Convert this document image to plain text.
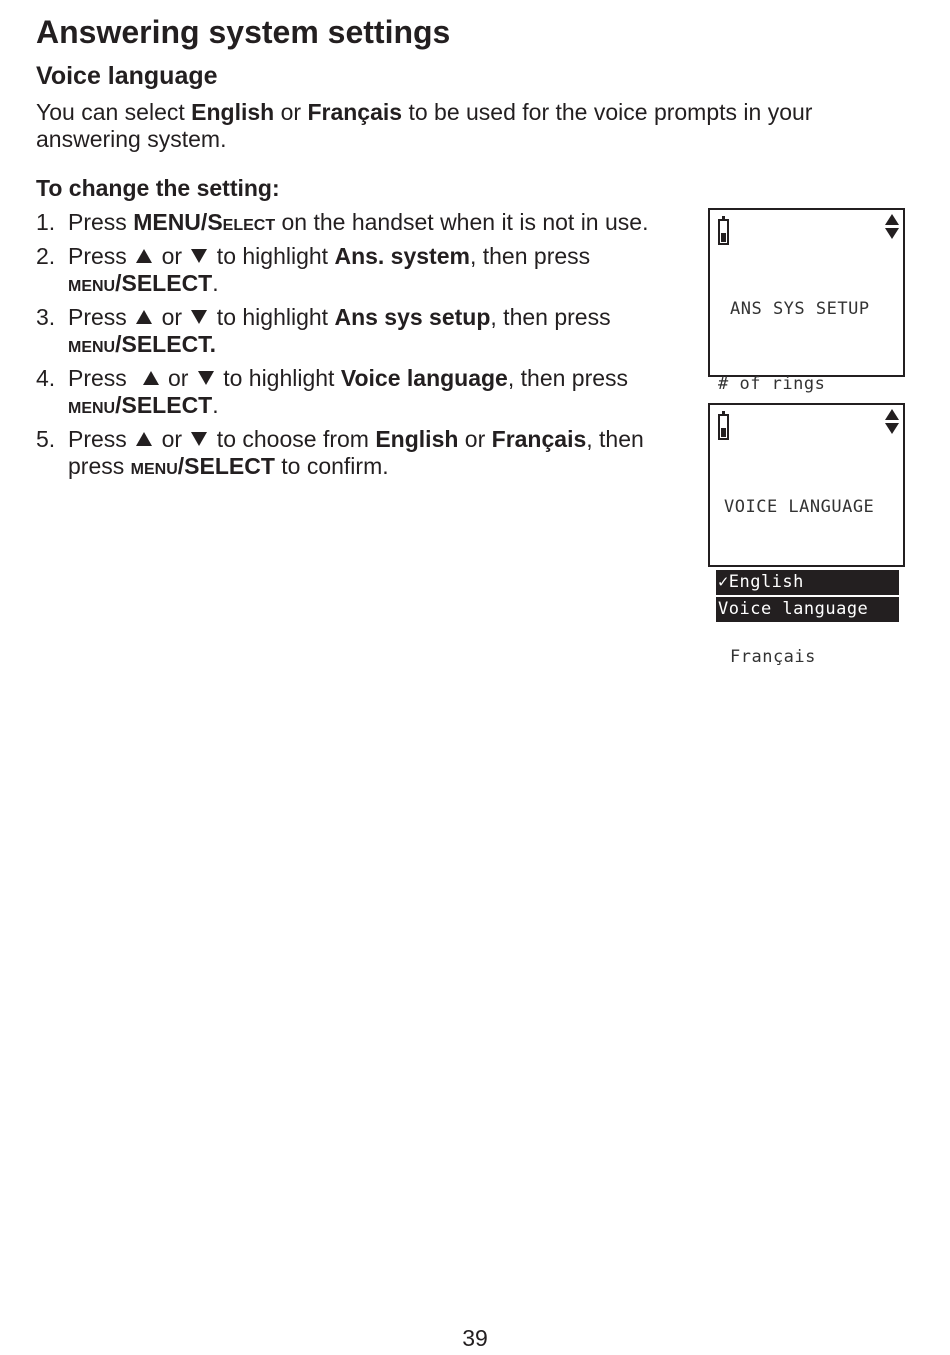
Answering system settings
Voice language

You can select English or Français to be used for the voice prompts in your answering system.

To change the setting:
1. Press MENU/Select on the handset when it is not in use.
2. Press  or  to highlight Ans. system, then press menu/SELECT.
3. Press  or  to highlight Ans sys setup, then press menu/SELECT.
4. Press   or  to highlight Voice language, then press menu/SELECT.
5. Press  or  to choose from English or Français, then press menu/SELECT to confirm.

ANS SYS SETUP

# of rings

Voice language

VOICE LANGUAGE

✓English

Français

39
